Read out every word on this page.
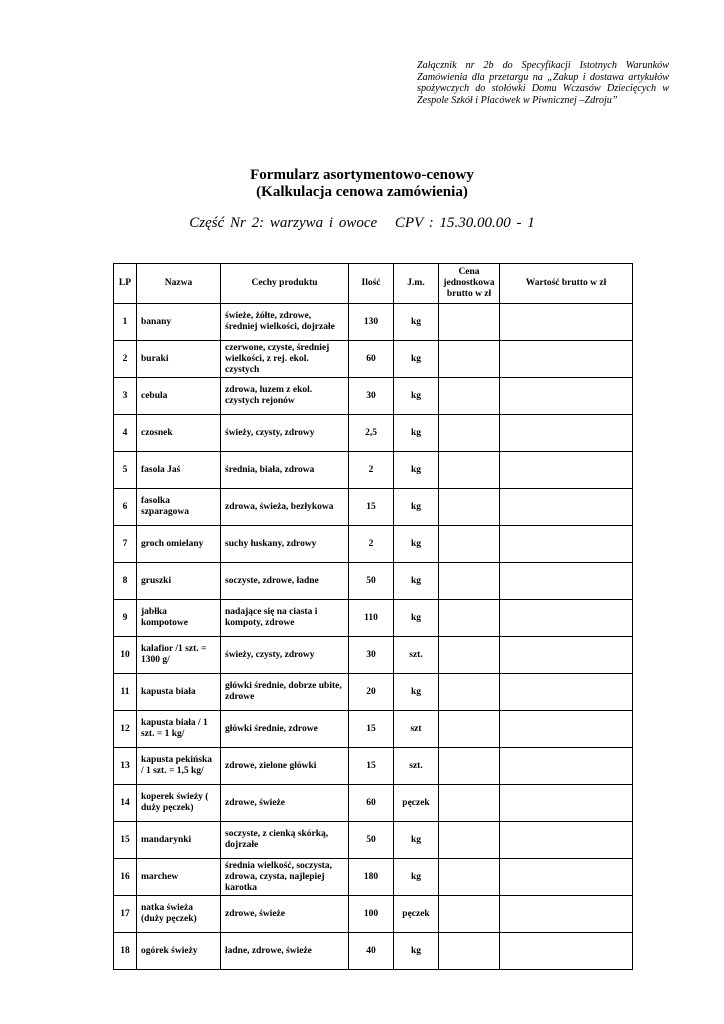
Załącznik nr 2b do Specyfikacji Istotnych Warunków Zamówienia dla przetargu na „Zakup i dostawa artykułów spożywczych do stołówki Domu Wczasów Dziecięcych w Zespole Szkół i Placówek w Piwnicznej –Zdroju”
Formularz asortymentowo-cenowy
(Kalkulacja cenowa zamówienia)
Część Nr 2: warzywa i owoce CPV : 15.30.00.00 - 1
LP	Nazwa	Cechy produktu	Ilość	J.m.	Cena jednostkowa brutto w zł	Wartość brutto w zł
1	banany	świeże, żółte, zdrowe, średniej wielkości, dojrzałe	130	kg		
2	buraki	czerwone, czyste, średniej wielkości, z rej. ekol. czystych	60	kg		
3	cebula	zdrowa, luzem z ekol. czystych rejonów	30	kg		
4	czosnek	świeży, czysty, zdrowy	2,5	kg		
5	fasola Jaś	średnia, biała, zdrowa	2	kg		
6	fasolka szparagowa	zdrowa, świeża, bezłykowa	15	kg		
7	groch omielany	suchy łuskany, zdrowy	2	kg		
8	gruszki	soczyste, zdrowe, ładne	50	kg		
9	jabłka kompotowe	nadające się na ciasta i kompoty, zdrowe	110	kg		
10	kalafior /1 szt. = 1300 g/	świeży, czysty, zdrowy	30	szt.		
11	kapusta biała	główki średnie, dobrze ubite, zdrowe	20	kg		
12	kapusta biała / 1 szt. = 1 kg/	główki średnie, zdrowe	15	szt		
13	kapusta pekińska / 1 szt. = 1,5 kg/	zdrowe, zielone główki	15	szt.		
14	koperek świeży ( duży pęczek)	zdrowe, świeże	60	pęczek		
15	mandarynki	soczyste, z cienką skórką, dojrzałe	50	kg		
16	marchew	średnia wielkość, soczysta, zdrowa, czysta, najlepiej karotka	180	kg		
17	natka świeża (duży pęczek)	zdrowe, świeże	100	pęczek		
18	ogórek świeży	ładne, zdrowe, świeże	40	kg		
